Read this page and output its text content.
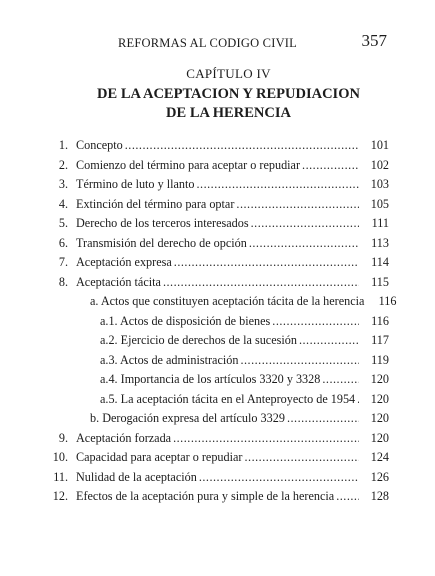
REFORMAS AL CODIGO CIVIL	357
CAPÍTULO IV
DE LA ACEPTACION Y REPUDIACION
DE LA HERENCIA
1. Concepto .....	101
2. Comienzo del término para aceptar o repudiar .....	102
3. Término de luto y llanto .....	103
4. Extinción del término para optar .....	105
5. Derecho de los terceros interesados .....	111
6. Transmisión del derecho de opción .....	113
7. Aceptación expresa .....	114
8. Aceptación tácita .....	115
a. Actos que constituyen aceptación tácita de la herencia	116
a.1. Actos de disposición de bienes .....	116
a.2. Ejercicio de derechos de la sucesión .....	117
a.3. Actos de administración .....	119
a.4. Importancia de los artículos 3320 y 3328 .....	120
a.5. La aceptación tácita en el Anteproyecto de 1954 .....	120
b. Derogación expresa del artículo 3329 .....	120
9. Aceptación forzada .....	120
10. Capacidad para aceptar o repudiar .....	124
11. Nulidad de la aceptación .....	126
12. Efectos de la aceptación pura y simple de la herencia .....	128
